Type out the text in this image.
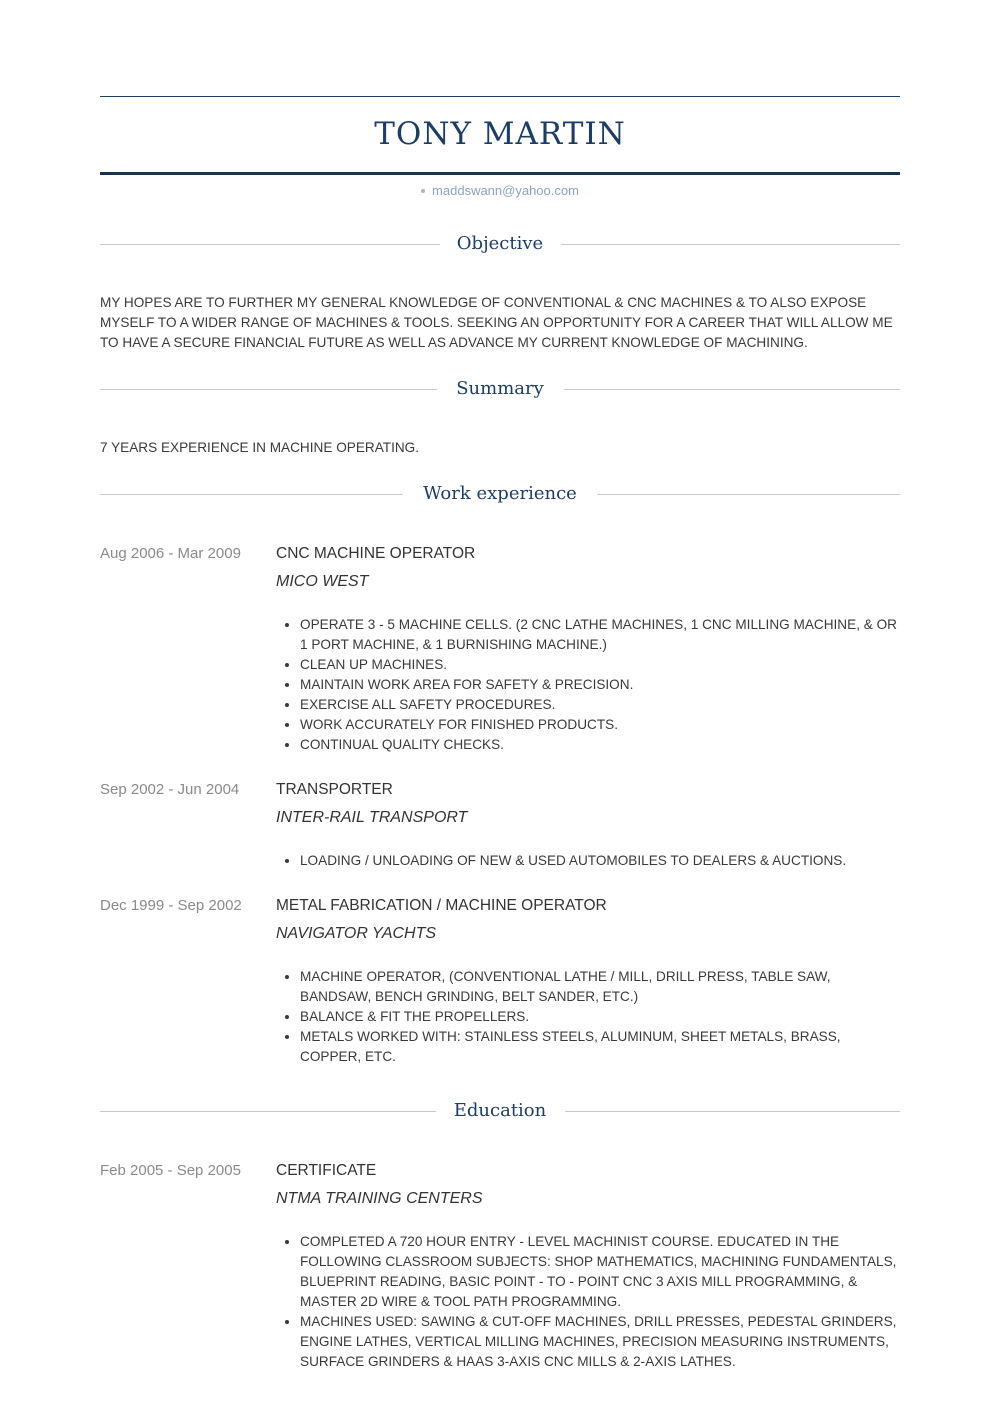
TONY MARTIN
maddswann@yahoo.com
Objective
MY HOPES ARE TO FURTHER MY GENERAL KNOWLEDGE OF CONVENTIONAL & CNC MACHINES & TO ALSO EXPOSE MYSELF TO A WIDER RANGE OF MACHINES & TOOLS. SEEKING AN OPPORTUNITY FOR A CAREER THAT WILL ALLOW ME TO HAVE A SECURE FINANCIAL FUTURE AS WELL AS ADVANCE MY CURRENT KNOWLEDGE OF MACHINING.
Summary
7 YEARS EXPERIENCE IN MACHINE OPERATING.
Work experience
Aug 2006 - Mar 2009	CNC MACHINE OPERATOR
MICO WEST
• OPERATE 3 - 5 MACHINE CELLS. (2 CNC LATHE MACHINES, 1 CNC MILLING MACHINE, & OR 1 PORT MACHINE, & 1 BURNISHING MACHINE.)
• CLEAN UP MACHINES.
• MAINTAIN WORK AREA FOR SAFETY & PRECISION.
• EXERCISE ALL SAFETY PROCEDURES.
• WORK ACCURATELY FOR FINISHED PRODUCTS.
• CONTINUAL QUALITY CHECKS.
Sep 2002 - Jun 2004	TRANSPORTER
INTER-RAIL TRANSPORT
• LOADING / UNLOADING OF NEW & USED AUTOMOBILES TO DEALERS & AUCTIONS.
Dec 1999 - Sep 2002	METAL FABRICATION / MACHINE OPERATOR
NAVIGATOR YACHTS
• MACHINE OPERATOR, (CONVENTIONAL LATHE / MILL, DRILL PRESS, TABLE SAW, BANDSAW, BENCH GRINDING, BELT SANDER, ETC.)
• BALANCE & FIT THE PROPELLERS.
• METALS WORKED WITH: STAINLESS STEELS, ALUMINUM, SHEET METALS, BRASS, COPPER, ETC.
Education
Feb 2005 - Sep 2005	CERTIFICATE
NTMA TRAINING CENTERS
• COMPLETED A 720 HOUR ENTRY - LEVEL MACHINIST COURSE. EDUCATED IN THE FOLLOWING CLASSROOM SUBJECTS: SHOP MATHEMATICS, MACHINING FUNDAMENTALS, BLUEPRINT READING, BASIC POINT - TO - POINT CNC 3 AXIS MILL PROGRAMMING, & MASTER 2D WIRE & TOOL PATH PROGRAMMING.
• MACHINES USED: SAWING & CUT-OFF MACHINES, DRILL PRESSES, PEDESTAL GRINDERS, ENGINE LATHES, VERTICAL MILLING MACHINES, PRECISION MEASURING INSTRUMENTS, SURFACE GRINDERS & HAAS 3-AXIS CNC MILLS & 2-AXIS LATHES.
